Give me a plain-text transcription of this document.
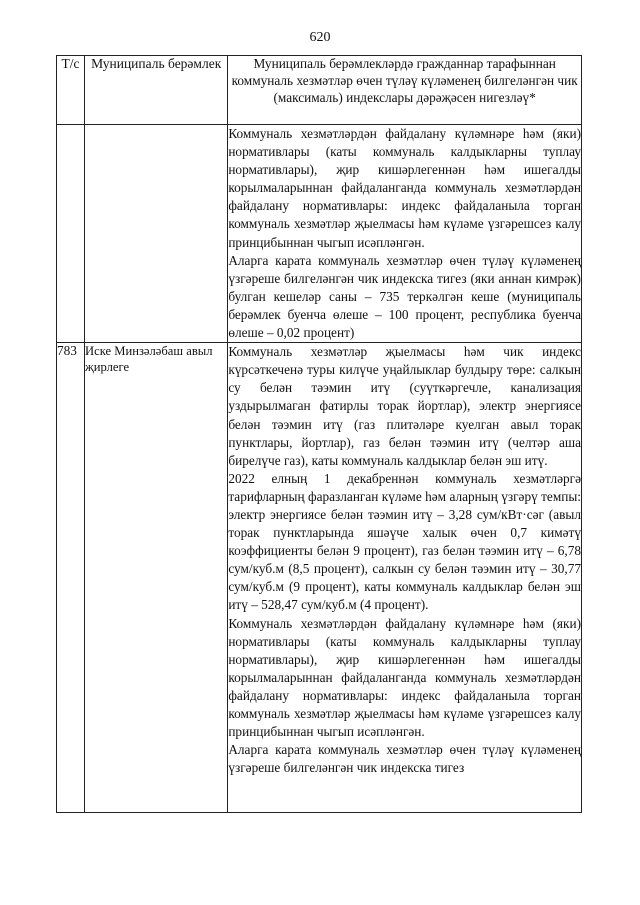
620
Т/с	Муниципаль берәмлек	Муниципаль берәмлекләрдә гражданнар тарафыннан коммуналь хезмәтләр өчен түләү күләменең билгеләнгән чик (максималь) индекслары дәрәҗәсен нигезләү*

		Коммуналь хезмәтләрдән файдалану күләмнәре һәм (яки) нормативлары (каты коммуналь калдыкларны туплау нормативлары), җир кишәрлегеннән һәм ишегалды корылмаларыннан файдаланганда коммуналь хезмәтләрдән файдалану нормативлары: индекс файдаланыла торган коммуналь хезмәтләр җыелмасы һәм күләме үзгәрешсез калу принцибыннан чыгып исәпләнгән.

Аларга карата коммуналь хезмәтләр өчен түләү күләменең үзгәреше билгеләнгән чик индекска тигез (яки аннан кимрәк) булган кешеләр саны – 735 теркәлгән кеше (муниципаль берәмлек буенча өлеше – 100 процент, республика буенча өлеше – 0,02 процент)

783	Иске Минзәләбаш авыл җирлеге	Коммуналь хезмәтләр җыелмасы һәм чик индекс күрсәткеченә туры килүче уңайлыклар булдыру төре: салкын су белән тәэмин итү (суүткәргечле, канализация уздырылмаган фатирлы торак йортлар), электр энергиясе белән тәэмин итү (газ плитәләре куелган авыл торак пунктлары, йортлар), газ белән тәэмин итү (челтәр аша бирелүче газ), каты коммуналь калдыклар белән эш итү.

2022 елның 1 декабреннән коммуналь хезмәтләргә тарифларның фаразланган күләме һәм аларның үзгәрү темпы: электр энергиясе белән тәэмин итү – 3,28 сум/кВт·сәг (авыл торак пунктларында яшәүче халык өчен 0,7 кимәтү коэффициенты белән 9 процент), газ белән тәэмин итү – 6,78 сум/куб.м (8,5 процент), салкын су белән тәэмин итү – 30,77 сум/куб.м (9 процент), каты коммуналь калдыклар белән эш итү – 528,47 сум/куб.м (4 процент).

Коммуналь хезмәтләрдән файдалану күләмнәре һәм (яки) нормативлары (каты коммуналь калдыкларны туплау нормативлары), җир кишәрлегеннән һәм ишегалды корылмаларыннан файдаланганда коммуналь хезмәтләрдән файдалану нормативлары: индекс файдаланыла торган коммуналь хезмәтләр җыелмасы һәм күләме үзгәрешсез калу принцибыннан чыгып исәпләнгән.

Аларга карата коммуналь хезмәтләр өчен түләү күләменең үзгәреше билгеләнгән чик индекска тигез
